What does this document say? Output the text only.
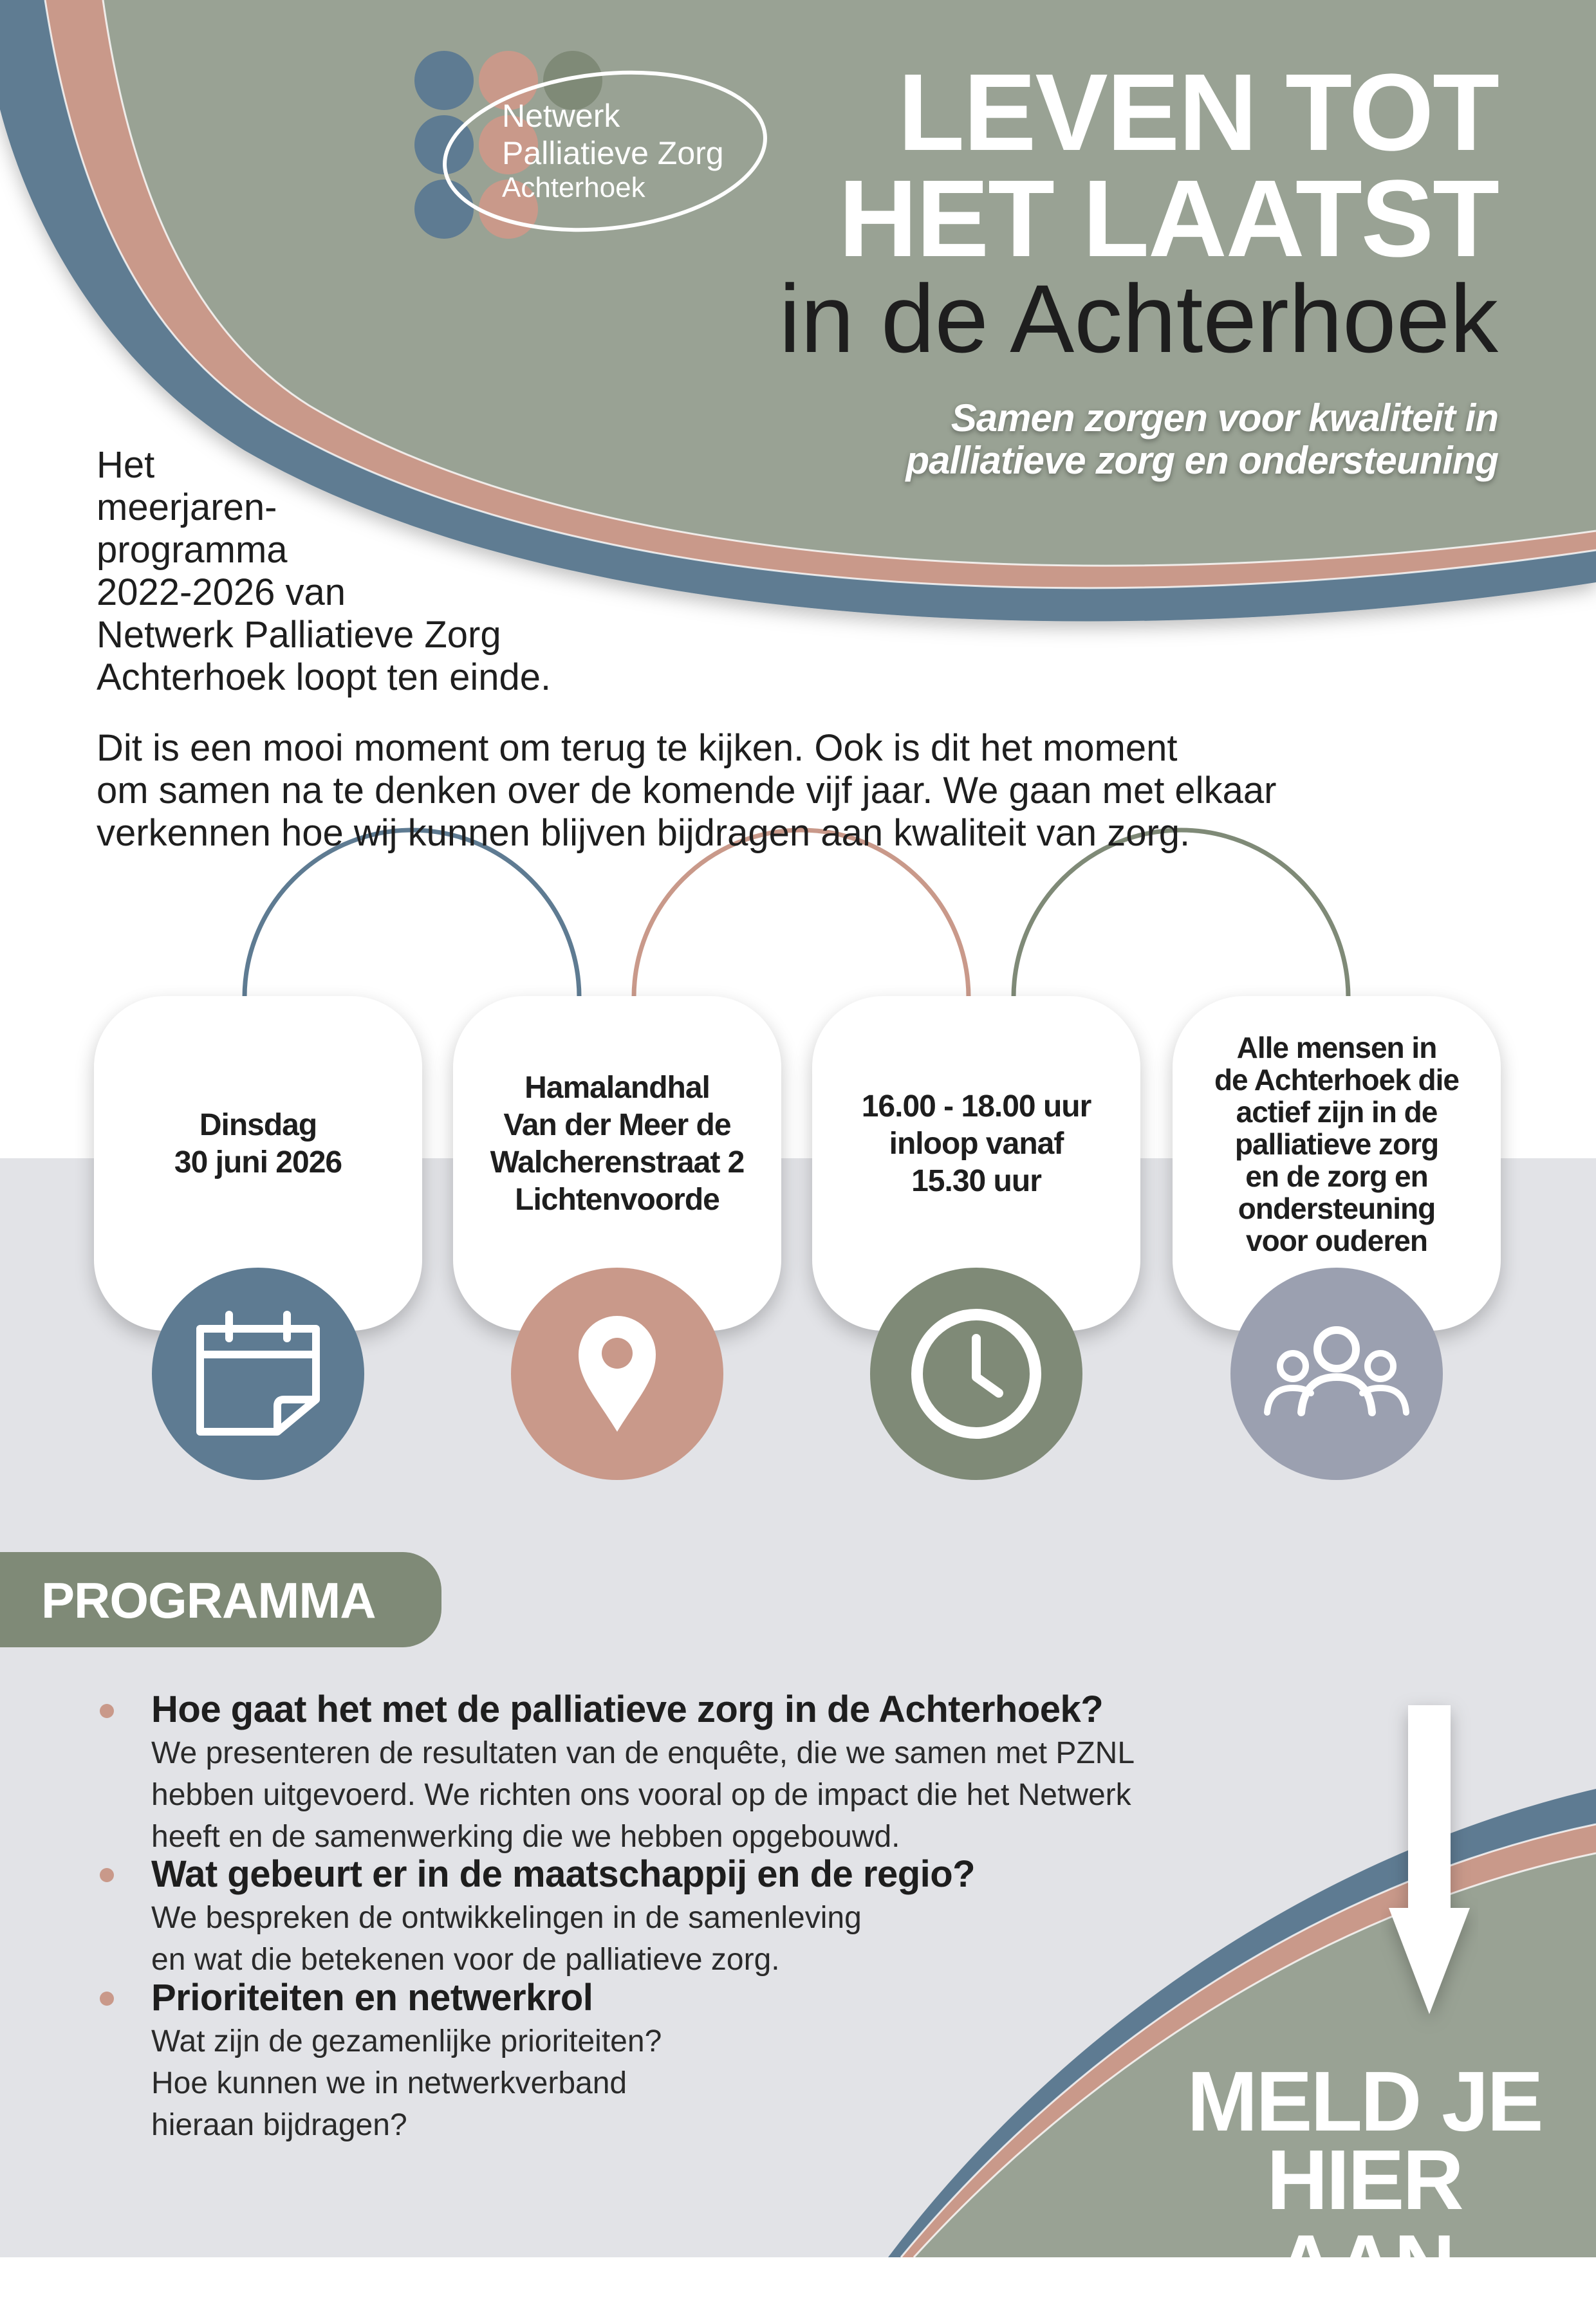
Netwerk
Palliatieve Zorg
Achterhoek
LEVEN TOT
HET LAATST
in de Achterhoek
Samen zorgen voor kwaliteit in
palliatieve zorg en ondersteuning
Het
meerjaren-
programma
2022-2026 van
Netwerk Palliatieve Zorg
Achterhoek loopt ten einde.
Dit is een mooi moment om terug te kijken. Ook is dit het moment
om samen na te denken over de komende vijf jaar. We gaan met elkaar
verkennen hoe wij kunnen blijven bijdragen aan kwaliteit van zorg.
Dinsdag
30 juni 2026
Hamalandhal
Van der Meer de
Walcherenstraat 2
Lichtenvoorde
16.00 - 18.00 uur
inloop vanaf
15.30 uur
Alle mensen in
de Achterhoek die
actief zijn in de
palliatieve zorg
en de zorg en
ondersteuning
voor ouderen
PROGRAMMA
Hoe gaat het met de palliatieve zorg in de Achterhoek?
We presenteren de resultaten van de enquête, die we samen met PZNL
hebben uitgevoerd. We richten ons vooral op de impact die het Netwerk
heeft en de samenwerking die we hebben opgebouwd.
Wat gebeurt er in de maatschappij en de regio?
We bespreken de ontwikkelingen in de samenleving
en wat die betekenen voor de palliatieve zorg.
Prioriteiten en netwerkrol
Wat zijn de gezamenlijke prioriteiten?
Hoe kunnen we in netwerkverband
hieraan bijdragen?	MELD JE
HIER AAN
